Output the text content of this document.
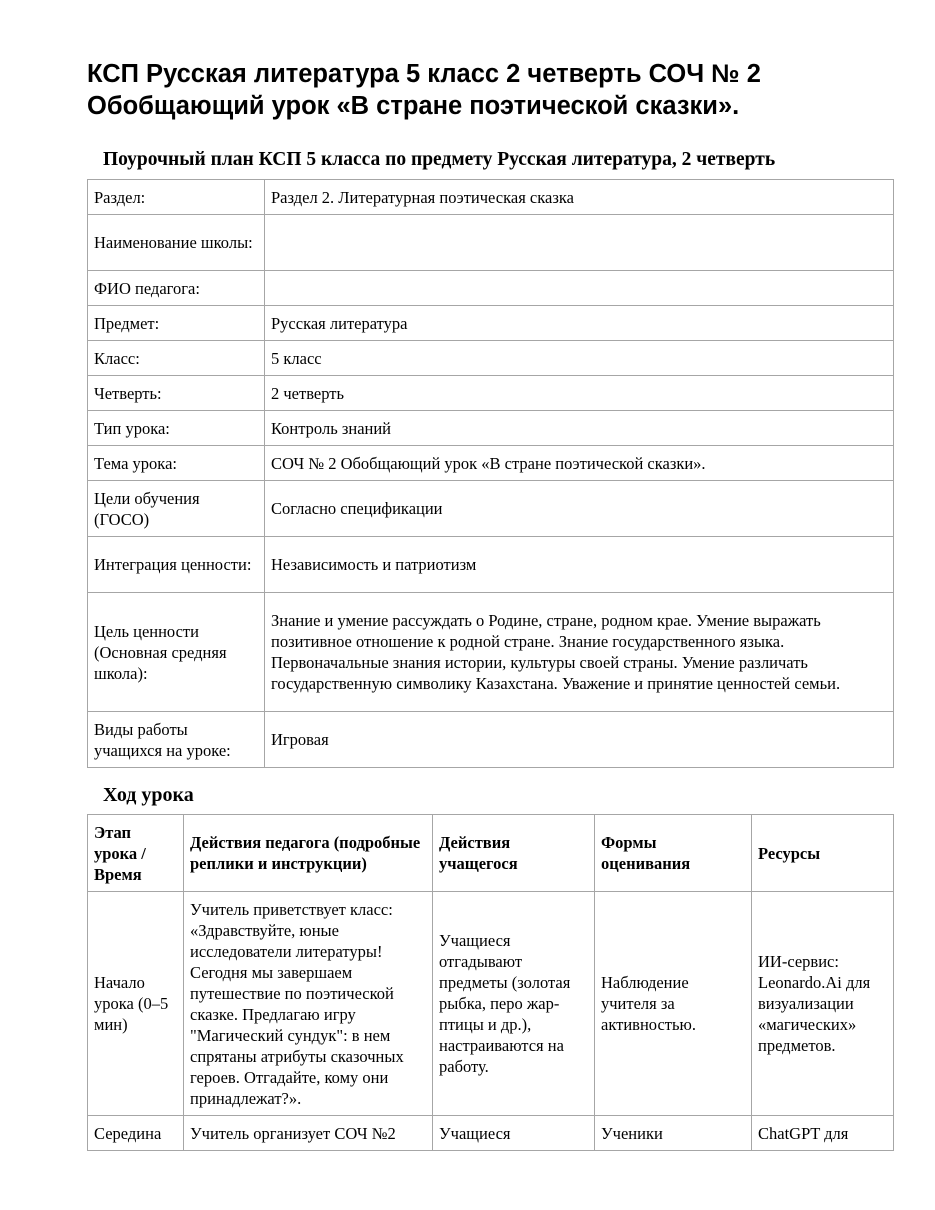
КСП Русская литература 5 класс 2 четверть СОЧ № 2 Обобщающий урок «В стране поэтической сказки».
Поурочный план КСП 5 класса по предмету Русская литература, 2 четверть
Раздел:	Раздел 2. Литературная поэтическая сказка
Наименование школы:	
ФИО педагога:	
Предмет:	Русская литература
Класс:	5 класс
Четверть:	2 четверть
Тип урока:	Контроль знаний
Тема урока:	СОЧ № 2 Обобщающий урок «В стране поэтической сказки».
Цели обучения (ГОСО)	Согласно спецификации
Интеграция ценности:	Независимость и патриотизм
Цель ценности (Основная средняя школа):	Знание и умение рассуждать о Родине, стране, родном крае. Умение выражать позитивное отношение к родной стране. Знание государственного языка. Первоначальные знания истории, культуры своей страны. Умение различать государственную символику Казахстана. Уважение и принятие ценностей семьи.
Виды работы учащихся на уроке:	Игровая
Ход урока
Этап урока / Время	Действия педагога (подробные реплики и инструкции)	Действия учащегося	Формы оценивания	Ресурсы
Начало урока (0–5 мин)	Учитель приветствует класс: «Здравствуйте, юные исследователи литературы! Сегодня мы завершаем путешествие по поэтической сказке. Предлагаю игру "Магический сундук": в нем спрятаны атрибуты сказочных героев. Отгадайте, кому они принадлежат?».	Учащиеся отгадывают предметы (золотая рыбка, перо жар-птицы и др.), настраиваются на работу.	Наблюдение учителя за активностью.	ИИ-сервис: Leonardo.Ai для визуализации «магических» предметов.
Середина	Учитель организует СОЧ №2	Учащиеся	Ученики	ChatGPT для
